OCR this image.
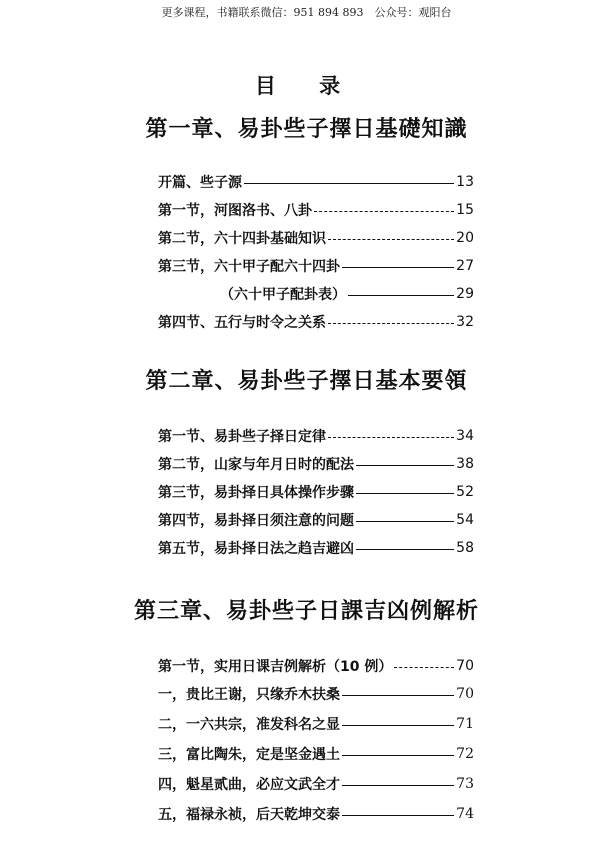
更多课程，书籍联系微信：951 894 893　公众号：观阳台
目 录
第一章、易卦些子擇日基礎知識
开篇、些子源	13
第一节，河图洛书、八卦	15
第二节，六十四卦基础知识	20
第三节，六十甲子配六十四卦	27
（六十甲子配卦表）	29
第四节、五行与时令之关系	32
第二章、易卦些子擇日基本要領
第一节、易卦些子择日定律	34
第二节，山家与年月日时的配法	38
第三节，易卦择日具体操作步骤	52
第四节，易卦择日须注意的问题	54
第五节，易卦择日法之趋吉避凶	58
第三章、易卦些子日課吉凶例解析
第一节，实用日课吉例解析（10 例）	70
一，贵比王谢，只缘乔木扶桑	70
二，一六共宗，准发科名之显	71
三，富比陶朱，定是坚金遇土	72
四，魁星贰曲，必应文武全才	73
五，福禄永祯，后天乾坤交泰	74
